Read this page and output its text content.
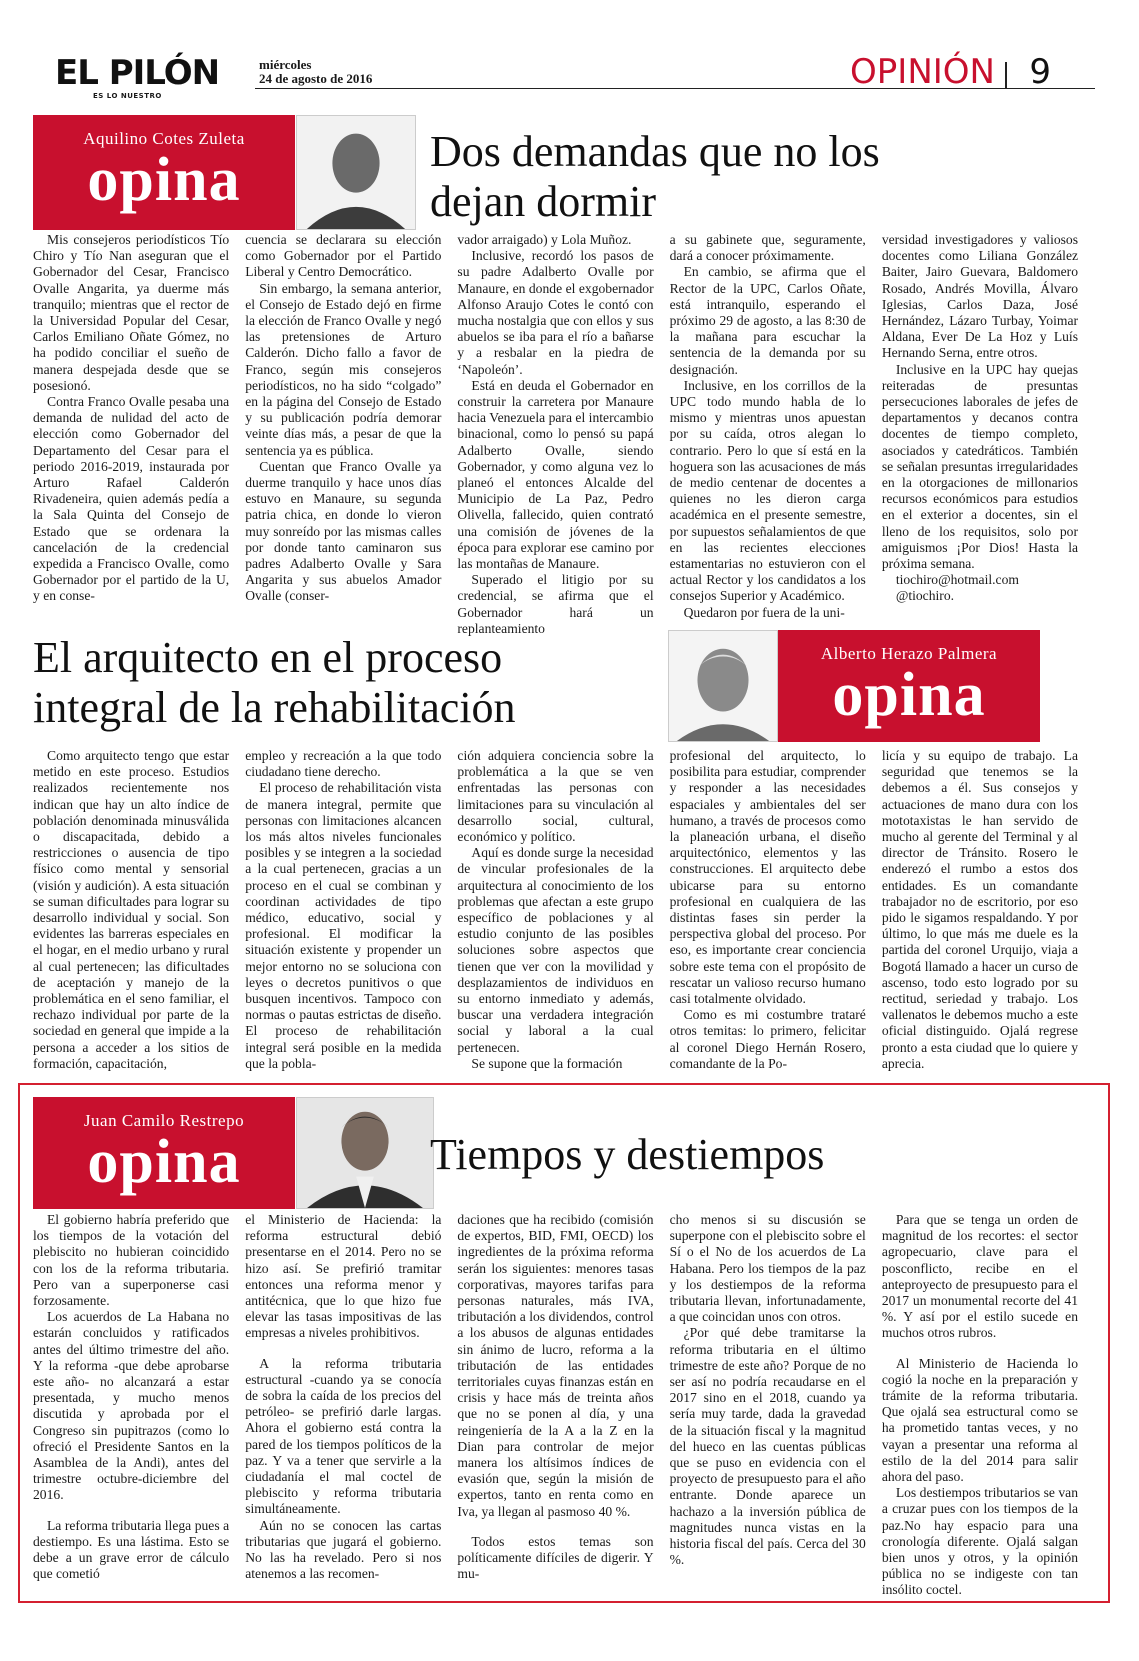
EL PILÓN
ES LO NUESTRO
miércoles
24 de agosto de 2016	OPINIÓN 9
Aquilino Cotes Zuleta
opina	Dos demandas que no los
dejan dormir

Mis consejeros periodísticos Tío Chiro y Tío Nan aseguran que el Gobernador del Cesar, Francisco Ovalle Angarita, ya duerme más tranquilo; mientras que el rector de la Universidad Popular del Cesar, Carlos Emiliano Oñate Gómez, no ha podido conciliar el sueño de manera despejada desde que se posesionó.

Contra Franco Ovalle pesaba una demanda de nulidad del acto de elección como Gobernador del Departamento del Cesar para el periodo 2016-2019, instaurada por Arturo Rafael Calderón Rivadeneira, quien además pedía a la Sala Quinta del Consejo de Estado que se ordenara la cancelación de la credencial expedida a Francisco Ovalle, como Gobernador por el partido de la U, y en conse-

cuencia se declarara su elección como Gobernador por el Partido Liberal y Centro Democrático.

Sin embargo, la semana anterior, el Consejo de Estado dejó en firme la elección de Franco Ovalle y negó las pretensiones de Arturo Calderón. Dicho fallo a favor de Franco, según mis consejeros periodísticos, no ha sido “colgado” en la página del Consejo de Estado y su publicación podría demorar veinte días más, a pesar de que la sentencia ya es pública.

Cuentan que Franco Ovalle ya duerme tranquilo y hace unos días estuvo en Manaure, su segunda patria chica, en donde lo vieron muy sonreído por las mismas calles por donde tanto caminaron sus padres Adalberto Ovalle y Sara Angarita y sus abuelos Amador Ovalle (conser-

vador arraigado) y Lola Muñoz.

Inclusive, recordó los pasos de su padre Adalberto Ovalle por Manaure, en donde el exgobernador Alfonso Araujo Cotes le contó con mucha nostalgia que con ellos y sus abuelos se iba para el río a bañarse y a resbalar en la piedra de ‘Napoleón’.

Está en deuda el Gobernador en construir la carretera por Manaure hacia Venezuela para el intercambio binacional, como lo pensó su papá Adalberto Ovalle, siendo Gobernador, y como alguna vez lo planeó el entonces Alcalde del Municipio de La Paz, Pedro Olivella, fallecido, quien contrató una comisión de jóvenes de la época para explorar ese camino por las montañas de Manaure.

Superado el litigio por su credencial, se afirma que el Gobernador hará un replanteamiento

a su gabinete que, seguramente, dará a conocer próximamente.

En cambio, se afirma que el Rector de la UPC, Carlos Oñate, está intranquilo, esperando el próximo 29 de agosto, a las 8:30 de la mañana para escuchar la sentencia de la demanda por su designación.

Inclusive, en los corrillos de la UPC todo mundo habla de lo mismo y mientras unos apuestan por su caída, otros alegan lo contrario. Pero lo que sí está en la hoguera son las acusaciones de más de medio centenar de docentes a quienes no les dieron carga académica en el presente semestre, por supuestos señalamientos de que en las recientes elecciones estamentarias no estuvieron con el actual Rector y los candidatos a los consejos Superior y Académico.

Quedaron por fuera de la uni-

versidad investigadores y valiosos docentes como Liliana González Baiter, Jairo Guevara, Baldomero Rosado, Andrés Movilla, Álvaro Iglesias, Carlos Daza, José Hernández, Lázaro Turbay, Yoimar Aldana, Ever De La Hoz y Luís Hernando Serna, entre otros.

Inclusive en la UPC hay quejas reiteradas de presuntas persecuciones laborales de jefes de departamentos y decanos contra docentes de tiempo completo, asociados y catedráticos. También se señalan presuntas irregularidades en la otorgaciones de millonarios recursos económicos para estudios en el exterior a docentes, sin el lleno de los requisitos, solo por amiguismos ¡Por Dios! Hasta la próxima semana.

tiochiro@hotmail.com

@tiochiro.

El arquitecto en el proceso
integral de la rehabilitación
Alberto Herazo Palmera
opina

Como arquitecto tengo que estar metido en este proceso. Estudios realizados recientemente nos indican que hay un alto índice de población denominada minusválida o discapacitada, debido a restricciones o ausencia de tipo físico como mental y sensorial (visión y audición). A esta situación se suman dificultades para lograr su desarrollo individual y social. Son evidentes las barreras especiales en el hogar, en el medio urbano y rural al cual pertenecen; las dificultades de aceptación y manejo de la problemática en el seno familiar, el rechazo individual por parte de la sociedad en general que impide a la persona a acceder a los sitios de formación, capacitación,

empleo y recreación a la que todo ciudadano tiene derecho.

El proceso de rehabilitación vista de manera integral, permite que personas con limitaciones alcancen los más altos niveles funcionales posibles y se integren a la sociedad a la cual pertenecen, gracias a un proceso en el cual se combinan y coordinan actividades de tipo médico, educativo, social y profesional. El modificar la situación existente y propender un mejor entorno no se soluciona con leyes o decretos punitivos o que busquen incentivos. Tampoco con normas o pautas estrictas de diseño. El proceso de rehabilitación integral será posible en la medida que la pobla-

ción adquiera conciencia sobre la problemática a la que se ven enfrentadas las personas con limitaciones para su vinculación al desarrollo social, cultural, económico y político.

Aquí es donde surge la necesidad de vincular profesionales de la arquitectura al conocimiento de los problemas que afectan a este grupo específico de poblaciones y al estudio conjunto de las posibles soluciones sobre aspectos que tienen que ver con la movilidad y desplazamientos de individuos en su entorno inmediato y además, buscar una verdadera integración social y laboral a la cual pertenecen.

Se supone que la formación

profesional del arquitecto, lo posibilita para estudiar, comprender y responder a las necesidades espaciales y ambientales del ser humano, a través de procesos como la planeación urbana, el diseño arquitectónico, elementos y las construcciones. El arquitecto debe ubicarse para su entorno profesional en cualquiera de las distintas fases sin perder la perspectiva global del proceso. Por eso, es importante crear conciencia sobre este tema con el propósito de rescatar un valioso recurso humano casi totalmente olvidado.

Como es mi costumbre trataré otros temitas: lo primero, felicitar al coronel Diego Hernán Rosero, comandante de la Po-

licía y su equipo de trabajo. La seguridad que tenemos se la debemos a él. Sus consejos y actuaciones de mano dura con los mototaxistas le han servido de mucho al gerente del Terminal y al director de Tránsito. Rosero le enderezó el rumbo a estos dos entidades. Es un comandante trabajador no de escritorio, por eso pido le sigamos respaldando. Y por último, lo que más me duele es la partida del coronel Urquijo, viaja a Bogotá llamado a hacer un curso de ascenso, todo esto logrado por su rectitud, seriedad y trabajo. Los vallenatos le debemos mucho a este oficial distinguido. Ojalá regrese pronto a esta ciudad que lo quiere y aprecia.

Juan Camilo Restrepo
opina	Tiempos y destiempos

El gobierno habría preferido que los tiempos de la votación del plebiscito no hubieran coincidido con los de la reforma tributaria. Pero van a superponerse casi forzosamente.

Los acuerdos de La Habana no estarán concluidos y ratificados antes del último trimestre del año. Y la reforma -que debe aprobarse este año- no alcanzará a estar presentada, y mucho menos discutida y aprobada por el Congreso sin pupitrazos (como lo ofreció el Presidente Santos en la Asamblea de la Andi), antes del trimestre octubre-diciembre del 2016.

La reforma tributaria llega pues a destiempo. Es una lástima. Esto se debe a un grave error de cálculo que cometió

el Ministerio de Hacienda: la reforma estructural debió presentarse en el 2014. Pero no se hizo así. Se prefirió tramitar entonces una reforma menor y antitécnica, que lo que hizo fue elevar las tasas impositivas de las empresas a niveles prohibitivos.

A la reforma tributaria estructural -cuando ya se conocía de sobra la caída de los precios del petróleo- se prefirió darle largas. Ahora el gobierno está contra la pared de los tiempos políticos de la paz. Y va a tener que servirle a la ciudadanía el mal coctel de plebiscito y reforma tributaria simultáneamente.

Aún no se conocen las cartas tributarias que jugará el gobierno. No las ha revelado. Pero si nos atenemos a las recomen-

daciones que ha recibido (comisión de expertos, BID, FMI, OECD) los ingredientes de la próxima reforma serán los siguientes: menores tasas corporativas, mayores tarifas para personas naturales, más IVA, tributación a los dividendos, control a los abusos de algunas entidades sin ánimo de lucro, reforma a la tributación de las entidades territoriales cuyas finanzas están en crisis y hace más de treinta años que no se ponen al día, y una reingeniería de la A a la Z en la Dian para controlar de mejor manera los altísimos índices de evasión que, según la misión de expertos, tanto en renta como en Iva, ya llegan al pasmoso 40 %.

Todos estos temas son políticamente difíciles de digerir. Y mu-

cho menos si su discusión se superpone con el plebiscito sobre el Sí o el No de los acuerdos de La Habana. Pero los tiempos de la paz y los destiempos de la reforma tributaria llevan, infortunadamente, a que coincidan unos con otros.

¿Por qué debe tramitarse la reforma tributaria en el último trimestre de este año? Porque de no ser así no podría recaudarse en el 2017 sino en el 2018, cuando ya sería muy tarde, dada la gravedad de la situación fiscal y la magnitud del hueco en las cuentas públicas que se puso en evidencia con el proyecto de presupuesto para el año entrante. Donde aparece un hachazo a la inversión pública de magnitudes nunca vistas en la historia fiscal del país. Cerca del 30 %.

Para que se tenga un orden de magnitud de los recortes: el sector agropecuario, clave para el posconflicto, recibe en el anteproyecto de presupuesto para el 2017 un monumental recorte del 41 %. Y así por el estilo sucede en muchos otros rubros.

Al Ministerio de Hacienda lo cogió la noche en la preparación y trámite de la reforma tributaria. Que ojalá sea estructural como se ha prometido tantas veces, y no vayan a presentar una reforma al estilo de la del 2014 para salir ahora del paso.

Los destiempos tributarios se van a cruzar pues con los tiempos de la paz.No hay espacio para una cronología diferente. Ojalá salgan bien unos y otros, y la opinión pública no se indigeste con tan insólito coctel.
